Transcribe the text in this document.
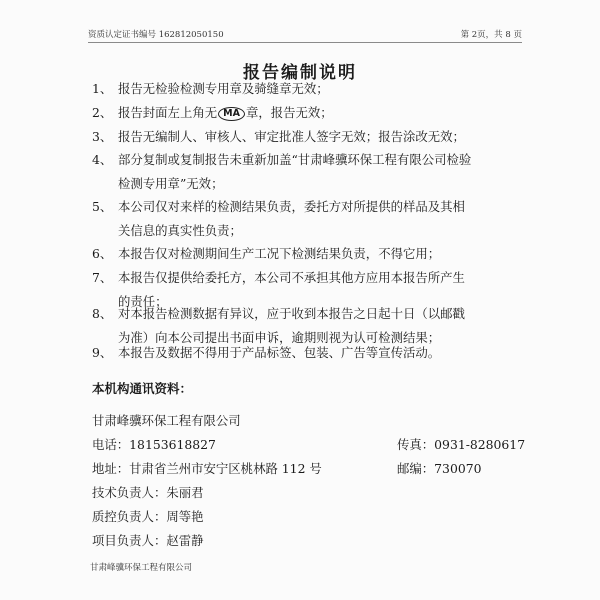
资质认定证书编号 162812050150	第 2页，共 8 页
报告编制说明
1、 报告无检验检测专用章及骑缝章无效；
2、 报告封面左上角无 MA 章，报告无效；
3、 报告无编制人、审核人、审定批准人签字无效；报告涂改无效；
4、 部分复制或复制报告未重新加盖“甘肃峰骥环保工程有限公司检验
检测专用章”无效；
5、 本公司仅对来样的检测结果负责，委托方对所提供的样品及其相
关信息的真实性负责；
6、 本报告仅对检测期间生产工况下检测结果负责，不得它用；
7、 本报告仅提供给委托方，本公司不承担其他方应用本报告所产生
的责任；
8、 对本报告检测数据有异议，应于收到本报告之日起十日（以邮戳
为准）向本公司提出书面申诉，逾期则视为认可检测结果；
9、 本报告及数据不得用于产品标签、包装、广告等宣传活动。
本机构通讯资料：
甘肃峰骥环保工程有限公司
电话：18153618827	传真：0931-8280617
地址：甘肃省兰州市安宁区桃林路 112 号	邮编：730070
技术负责人：朱丽君
质控负责人：周等艳
项目负责人：赵雷静
甘肃峰骥环保工程有限公司
